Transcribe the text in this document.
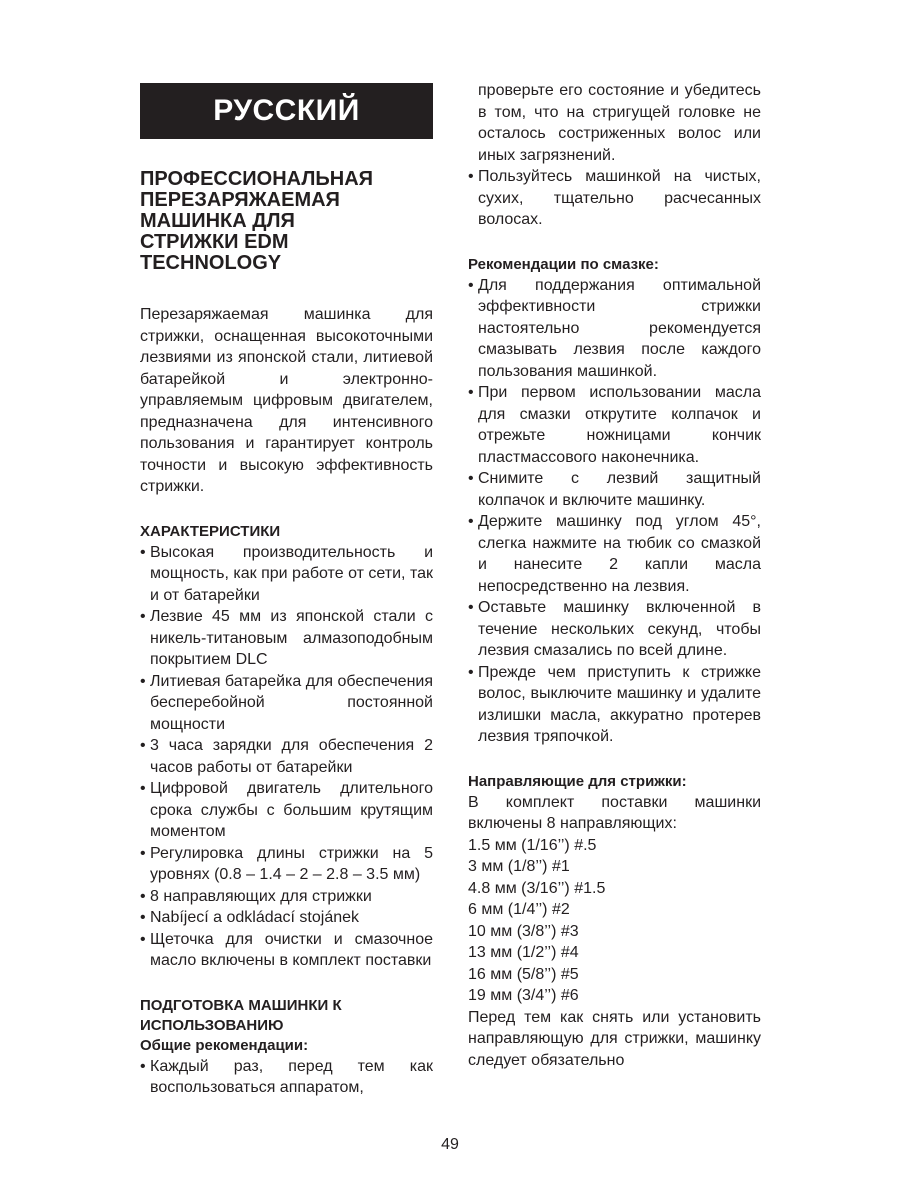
РУССКИЙ
ПРОФЕССИОНАЛЬНАЯ
ПЕРЕЗАРЯЖАЕМАЯ
МАШИНКА ДЛЯ
СТРИЖКИ EDM
TECHNOLOGY

Перезаряжаемая машинка для стрижки, оснащенная высокоточными лезвиями из японской стали, литиевой батарейкой и электронно-управляемым цифровым двигателем, предназначена для интенсивного пользования и гарантирует контроль точности и высокую эффективность стрижки.

ХАРАКТЕРИСТИКИ
• Высокая производительность и мощность, как при работе от сети, так и от батарейки
• Лезвие 45 мм из японской стали с никель-титановым алмазоподобным покрытием DLC
• Литиевая батарейка для обеспечения бесперебойной постоянной мощности
• 3 часа зарядки для обеспечения 2 часов работы от батарейки
• Цифровой двигатель длительного срока службы с большим крутящим моментом
• Регулировка длины стрижки на 5 уровнях (0.8 – 1.4 – 2 – 2.8 – 3.5 мм)
• 8 направляющих для стрижки
• Nabíjecí a odkládací stojánek
• Щеточка для очистки и смазочное масло включены в комплект поставки
ПОДГОТОВКА МАШИНКИ К ИСПОЛЬЗОВАНИЮ
Общие рекомендации:
• Каждый раз, перед тем как воспользоваться аппаратом,
проверьте его состояние и убедитесь в том, что на стригущей головке не осталось состриженных волос или иных загрязнений.
• Пользуйтесь машинкой на чистых, сухих, тщательно расчесанных волосах.
Рекомендации по смазке:
• Для поддержания оптимальной эффективности стрижки настоятельно рекомендуется смазывать лезвия после каждого пользования машинкой.
• При первом использовании масла для смазки открутите колпачок и отрежьте ножницами кончик пластмассового наконечника.
• Снимите с лезвий защитный колпачок и включите машинку.
• Держите машинку под углом 45°, слегка нажмите на тюбик со смазкой и нанесите 2 капли масла непосредственно на лезвия.
• Оставьте машинку включенной в течение нескольких секунд, чтобы лезвия смазались по всей длине.
• Прежде чем приступить к стрижке волос, выключите машинку и удалите излишки масла, аккуратно протерев лезвия тряпочкой.
Направляющие для стрижки:

В комплект поставки машинки включены 8 направляющих:

1.5 мм (1/16’’) #.5
3 мм (1/8’’) #1
4.8 мм (3/16’’) #1.5
6 мм (1/4’’) #2
10 мм (3/8’’) #3
13 мм (1/2’’) #4
16 мм (5/8’’) #5
19 мм (3/4’’) #6

Перед тем как снять или установить направляющую для стрижки, машинку следует обязательно

49
